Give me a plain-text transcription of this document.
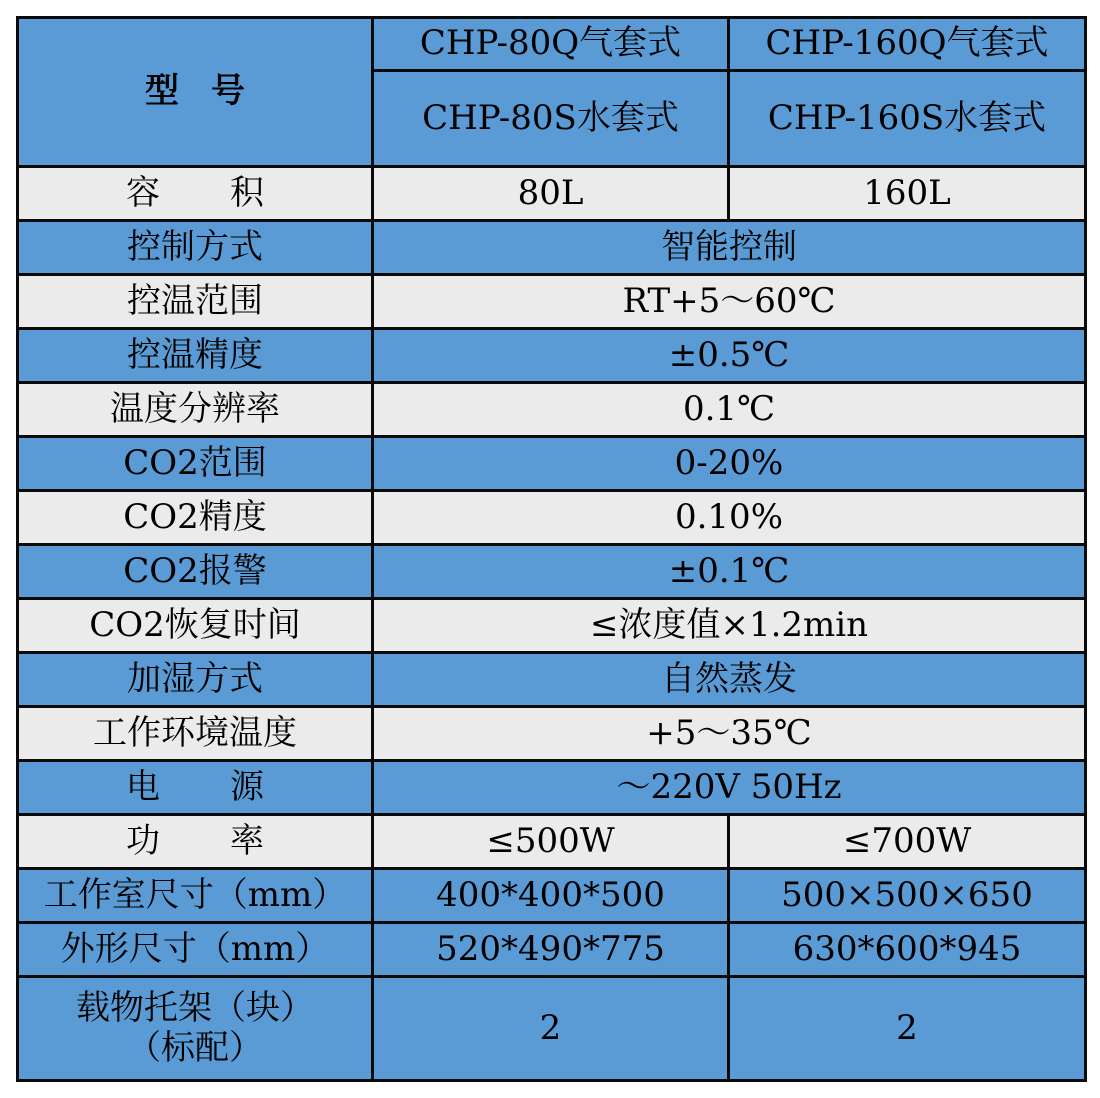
型 号	CHP-80Q气套式	CHP-160Q气套式
	CHP-80S水套式	CHP-160S水套式
容 积	80L	160L
控制方式	智能控制	
控温范围	RT+5～60℃	
控温精度	±0.5℃	
温度分辨率	0.1℃	
CO2范围	0-20%	
CO2精度	0.10%	
CO2报警	±0.1℃	
CO2恢复时间	≤浓度值×1.2min	
加湿方式	自然蒸发	
工作环境温度	+5～35℃	
电 源	～220V 50Hz	
功 率	≤500W	≤700W
工作室尺寸（mm）	400*400*500	500×500×650
外形尺寸（mm）	520*490*775	630*600*945

载物托架（块）
（标配）	2	2
